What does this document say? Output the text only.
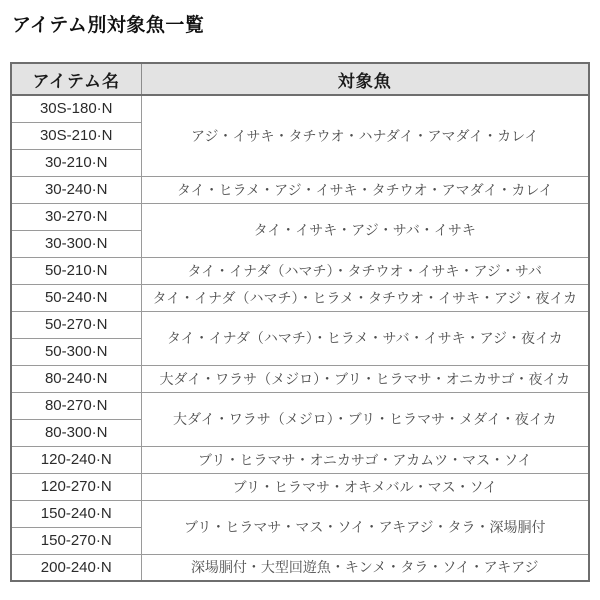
アイテム別対象魚一覧
アイテム名	対象魚
30S-180·N	アジ・イサキ・タチウオ・ハナダイ・アマダイ・カレイ
30S-210·N	
30-210·N	
30-240·N	タイ・ヒラメ・アジ・イサキ・タチウオ・アマダイ・カレイ
30-270·N	タイ・イサキ・アジ・サバ・イサキ
30-300·N	
50-210·N	タイ・イナダ（ハマチ）・タチウオ・イサキ・アジ・サバ
50-240·N	タイ・イナダ（ハマチ）・ヒラメ・タチウオ・イサキ・アジ・夜イカ
50-270·N	タイ・イナダ（ハマチ）・ヒラメ・サバ・イサキ・アジ・夜イカ
50-300·N	
80-240·N	大ダイ・ワラサ（メジロ）・ブリ・ヒラマサ・オニカサゴ・夜イカ
80-270·N	大ダイ・ワラサ（メジロ）・ブリ・ヒラマサ・メダイ・夜イカ
80-300·N	
120-240·N	ブリ・ヒラマサ・オニカサゴ・アカムツ・マス・ソイ
120-270·N	ブリ・ヒラマサ・オキメバル・マス・ソイ
150-240·N	ブリ・ヒラマサ・マス・ソイ・アキアジ・タラ・深場胴付
150-270·N	
200-240·N	深場胴付・大型回遊魚・キンメ・タラ・ソイ・アキアジ
